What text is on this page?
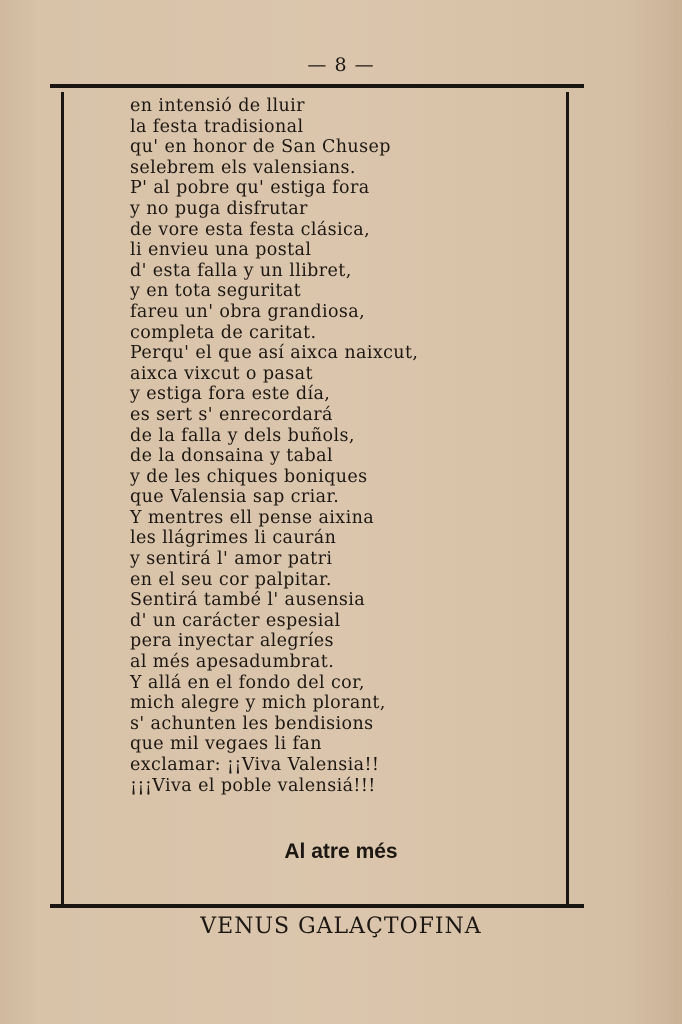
— 8 —
en intensió de lluir
la festa tradisional
qu' en honor de San Chusep
selebrem els valensians.
P' al pobre qu' estiga fora
y no puga disfrutar
de vore esta festa clásica,
li envieu una postal
d' esta falla y un llibret,
y en tota seguritat
fareu un' obra grandiosa,
completa de caritat.
Perqu' el que así aixca naixcut,
aixca vixcut o pasat
y estiga fora este día,
es sert s' enrecordará
de la falla y dels buñols,
de la donsaina y tabal
y de les chiques boniques
que Valensia sap criar.
Y mentres ell pense aixina
les llágrimes li caurán
y sentirá l' amor patri
en el seu cor palpitar.
Sentirá també l' ausensia
d' un carácter espesial
pera inyectar alegríes
al més apesadumbrat.
Y allá en el fondo del cor,
mich alegre y mich plorant,
s' achunten les bendisions
que mil vegaes li fan
exclamar: ¡¡Viva Valensia!!
¡¡¡Viva el poble valensiá!!!
Al atre més
VENUS GALAÇTOFINA
